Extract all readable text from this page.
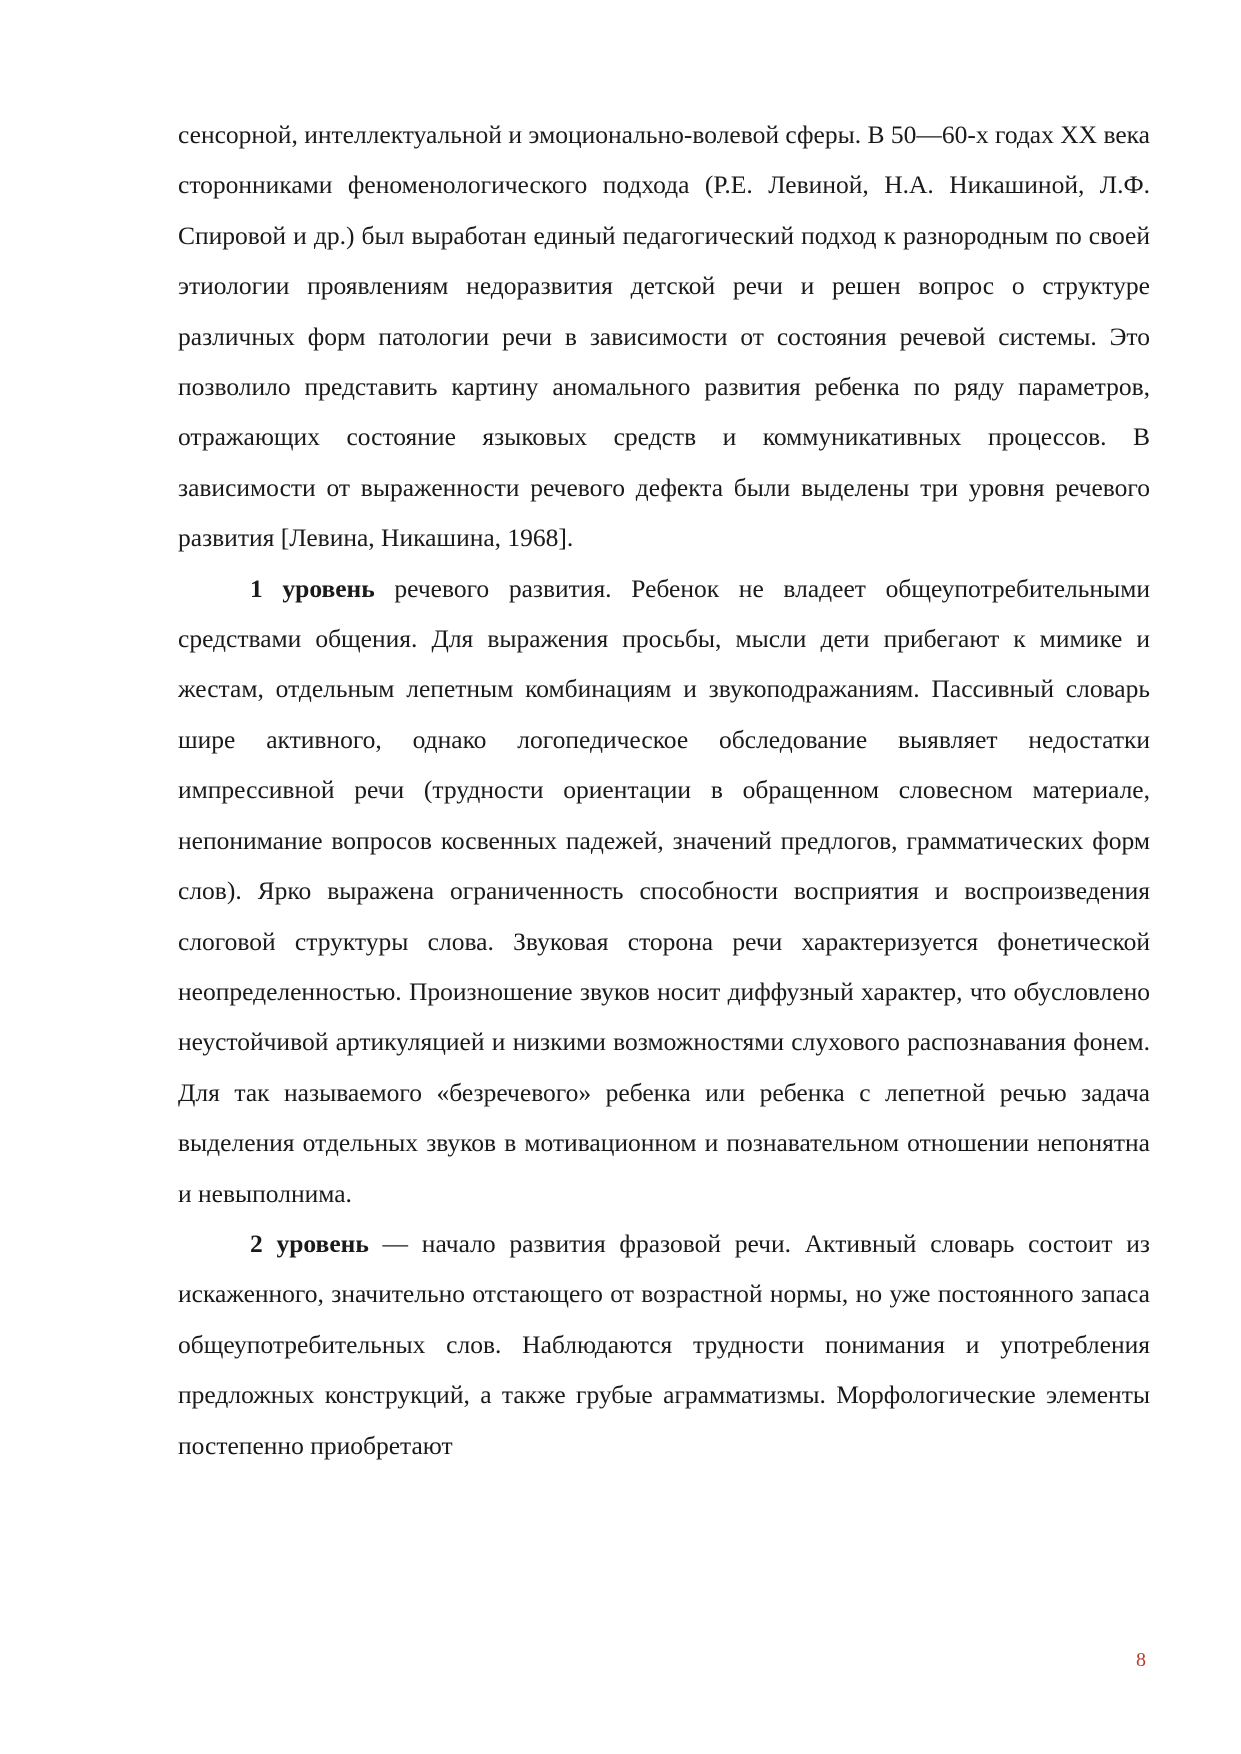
сенсорной, интеллектуальной и эмоционально-волевой сферы. В 50—60-х годах XX века сторонниками феноменологического подхода (Р.Е. Левиной, Н.А. Никашиной, Л.Ф. Спировой и др.) был выработан единый педагогический подход к разнородным по своей этиологии проявлениям недоразвития детской речи и решен вопрос о структуре различных форм патологии речи в зависимости от состояния речевой системы. Это позволило представить картину аномального развития ребенка по ряду параметров, отражающих состояние языковых средств и коммуникативных процессов. В зависимости от выраженности речевого дефекта были выделены три уровня речевого развития [Левина, Никашина, 1968].

1 уровень речевого развития. Ребенок не владеет общеупотребительными средствами общения. Для выражения просьбы, мысли дети прибегают к мимике и жестам, отдельным лепетным комбинациям и звукоподражаниям. Пассивный словарь шире активного, однако логопедическое обследование выявляет недостатки импрессивной речи (трудности ориентации в обращенном словесном материале, непонимание вопросов косвенных падежей, значений предлогов, грамматических форм слов). Ярко выражена ограниченность способности восприятия и воспроизведения слоговой структуры слова. Звуковая сторона речи характеризуется фонетической неопределенностью. Произношение звуков носит диффузный характер, что обусловлено неустойчивой артикуляцией и низкими возможностями слухового распознавания фонем. Для так называемого «безречевого» ребенка или ребенка с лепетной речью задача выделения отдельных звуков в мотивационном и познавательном отношении непонятна и невыполнима.

2 уровень — начало развития фразовой речи. Активный словарь состоит из искаженного, значительно отстающего от возрастной нормы, но уже постоянного запаса общеупотребительных слов. Наблюдаются трудности понимания и употребления предложных конструкций, а также грубые аграмматизмы. Морфологические элементы постепенно приобретают

8
